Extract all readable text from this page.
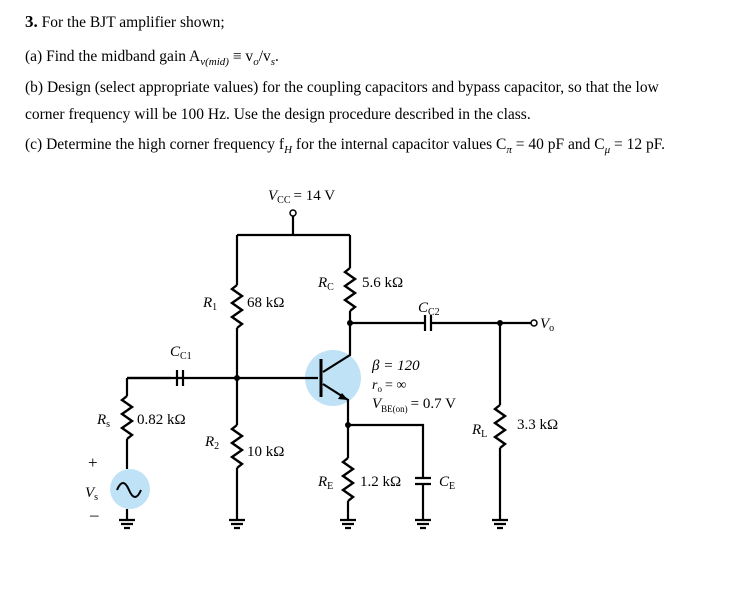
3. For the BJT amplifier shown;
(a) Find the midband gain $A_{v(mid)} \equiv v_o/v_s$.
(b) Design (select appropriate values) for the coupling capacitors and bypass capacitor, so that the low
corner frequency will be 100 Hz. Use the design procedure described in the class.
(c) Determine the high corner frequency $f_H$ for the internal capacitor values $C_\pi = 40$ pF and $C_\mu = 12$ pF.
$V_{CC} = 14$ V
$R_1$ 68 kΩ
$R_2$ 10 kΩ
$C_{C1}$
$R_s$ 0.82 kΩ
+
$V_s$
–
$R_C$ 5.6 kΩ
$C_{C2}$
$V_o$
$R_L$
3.3 kΩ
β = 120
$r_o$ = ∞
$V_{BE(on)} = 0.7$ V
$R_E$ 1.2 kΩ	$C_E$
